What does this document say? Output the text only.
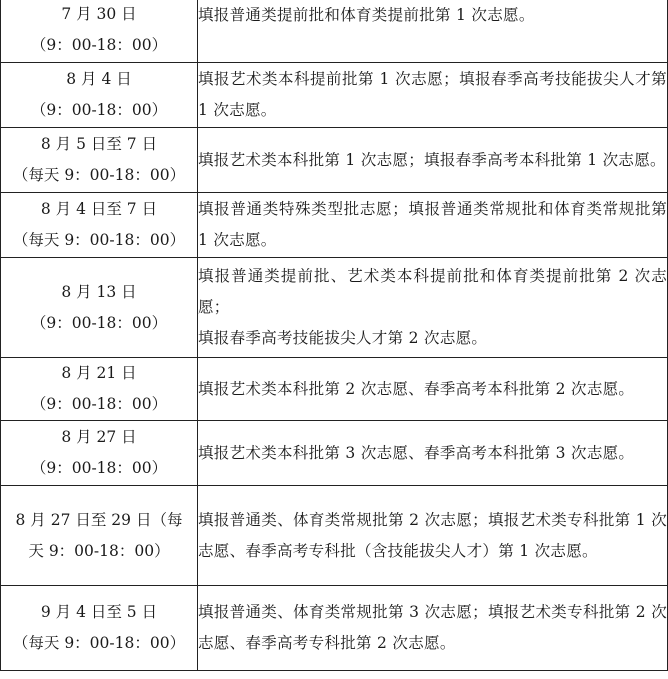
7 月 30 日
（9：00-18：00）	填报普通类提前批和体育类提前批第 1 次志愿。

8 月 4 日
（9：00-18：00）	填报艺术类本科提前批第 1 次志愿；填报春季高考技能拔尖人才第 1 次志愿。

8 月 5 日至 7 日
（每天 9：00-18：00）	填报艺术类本科批第 1 次志愿；填报春季高考本科批第 1 次志愿。

8 月 4 日至 7 日
（每天 9：00-18：00）	填报普通类特殊类型批志愿；填报普通类常规批和体育类常规批第 1 次志愿。

8 月 13 日
（9：00-18：00）	填报普通类提前批、艺术类本科提前批和体育类提前批第 2 次志愿；
填报春季高考技能拔尖人才第 2 次志愿。

8 月 21 日
（9：00-18：00）	填报艺术类本科批第 2 次志愿、春季高考本科批第 2 次志愿。

8 月 27 日
（9：00-18：00）	填报艺术类本科批第 3 次志愿、春季高考本科批第 3 次志愿。

8 月 27 日至 29 日（每天 9：00-18：00）	填报普通类、体育类常规批第 2 次志愿；填报艺术类专科批第 1 次志愿、春季高考专科批（含技能拔尖人才）第 1 次志愿。

9 月 4 日至 5 日
（每天 9：00-18：00）	填报普通类、体育类常规批第 3 次志愿；填报艺术类专科批第 2 次志愿、春季高考专科批第 2 次志愿。
